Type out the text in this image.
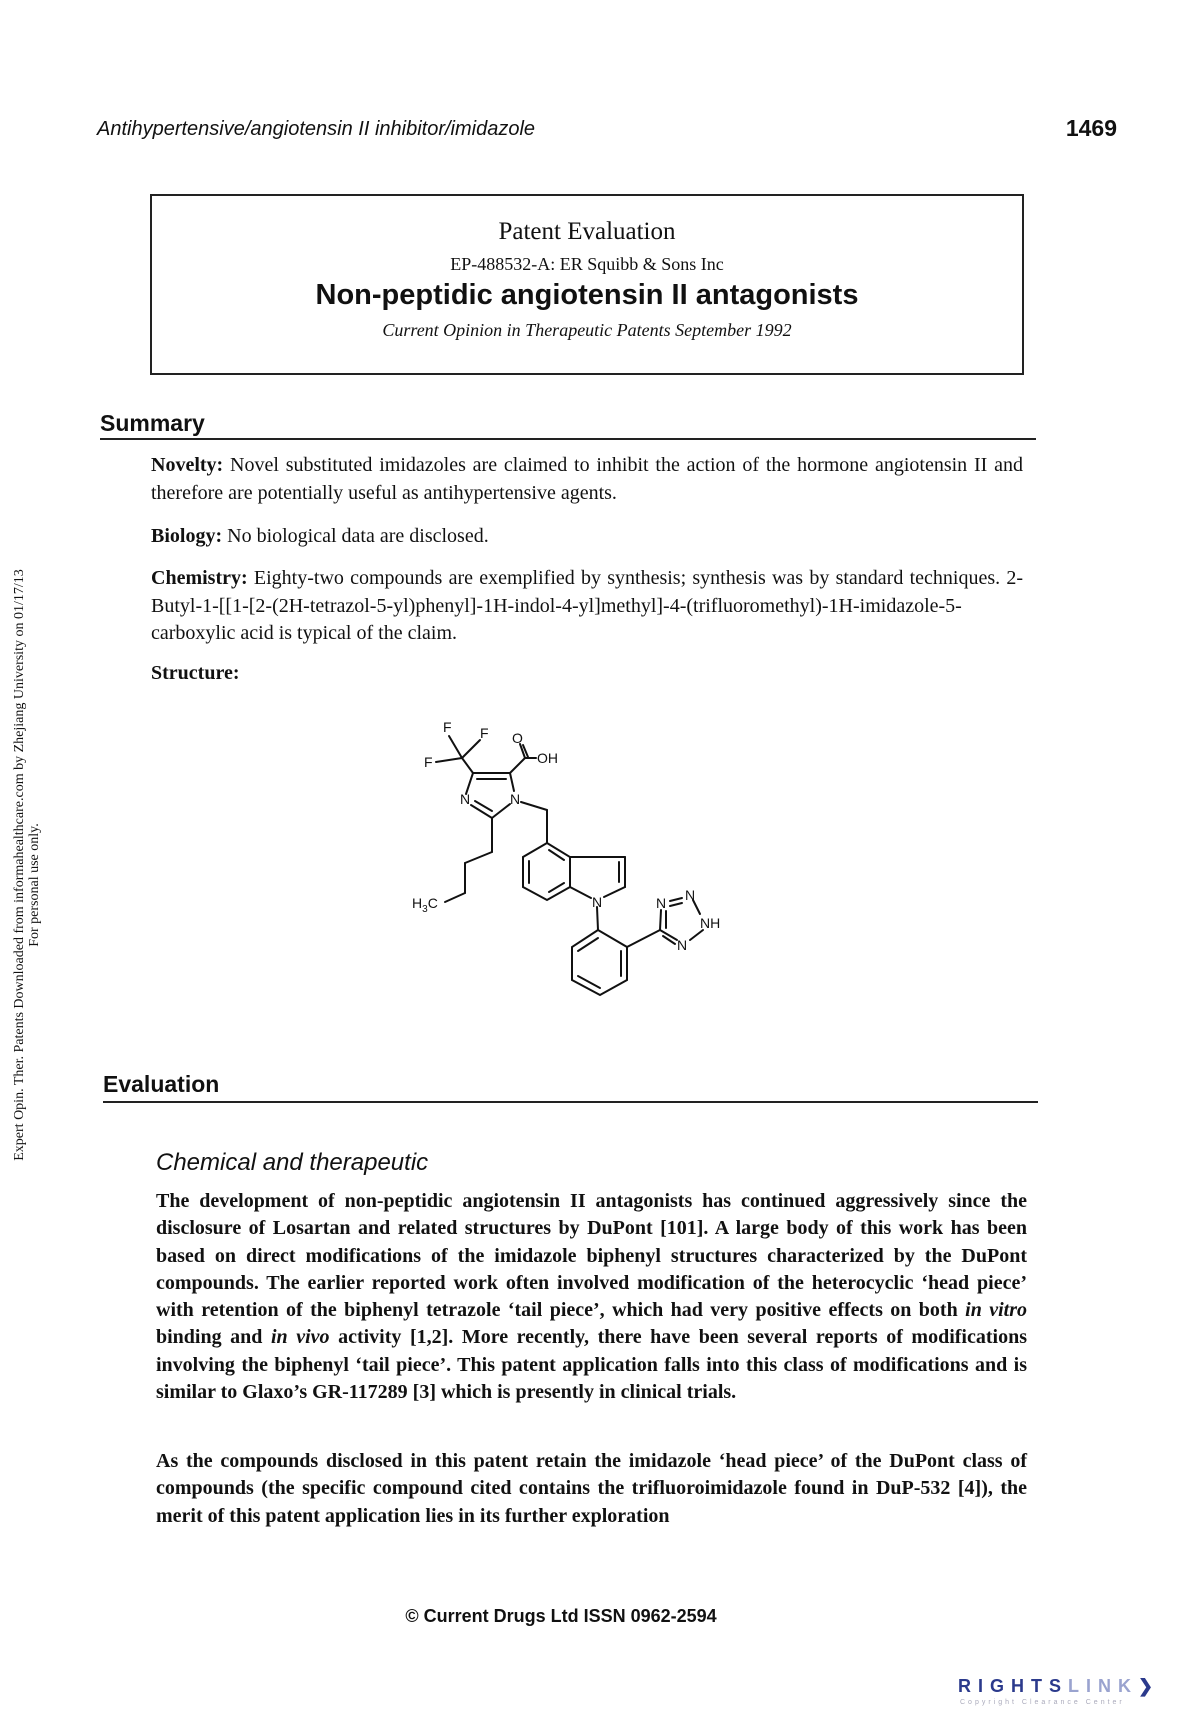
Antihypertensive/angiotensin II inhibitor/imidazole	1469
Expert Opin. Ther. Patents Downloaded from informahealthcare.com by Zhejiang University on 01/17/13 For personal use only.
Patent Evaluation
EP-488532-A: ER Squibb & Sons Inc
Non-peptidic angiotensin II antagonists
Current Opinion in Therapeutic Patents September 1992
Summary
Novelty: Novel substituted imidazoles are claimed to inhibit the action of the hormone angiotensin II and therefore are potentially useful as antihypertensive agents.
Biology: No biological data are disclosed.
Chemistry: Eighty-two compounds are exemplified by synthesis; synthesis was by standard techniques. 2-Butyl-1-[[1-[2-(2H-tetrazol-5-yl)phenyl]-1H-indol-4-yl]methyl]-4-(trifluoromethyl)-1H-imidazole-5-carboxylic acid is typical of the claim.
Structure:
F F
F
O
OH
N
N
$H_3C$	N	N N
NH
N
Evaluation
Chemical and therapeutic
The development of non-peptidic angiotensin II antagonists has continued aggressively since the disclosure of Losartan and related structures by DuPont [101]. A large body of this work has been based on direct modifications of the imidazole biphenyl structures characterized by the DuPont compounds. The earlier reported work often involved modification of the heterocyclic ‘head piece’ with retention of the biphenyl tetrazole ‘tail piece’, which had very positive effects on both in vitro binding and in vivo activity [1,2]. More recently, there have been several reports of modifications involving the biphenyl ‘tail piece’. This patent application falls into this class of modifications and is similar to Glaxo’s GR-117289 [3] which is presently in clinical trials.
As the compounds disclosed in this patent retain the imidazole ‘head piece’ of the DuPont class of compounds (the specific compound cited contains the trifluoroimidazole found in DuP-532 [4]), the merit of this patent application lies in its further exploration
© Current Drugs Ltd ISSN 0962-2594
RIGHTSLINK❯
Copyright Clearance Center
